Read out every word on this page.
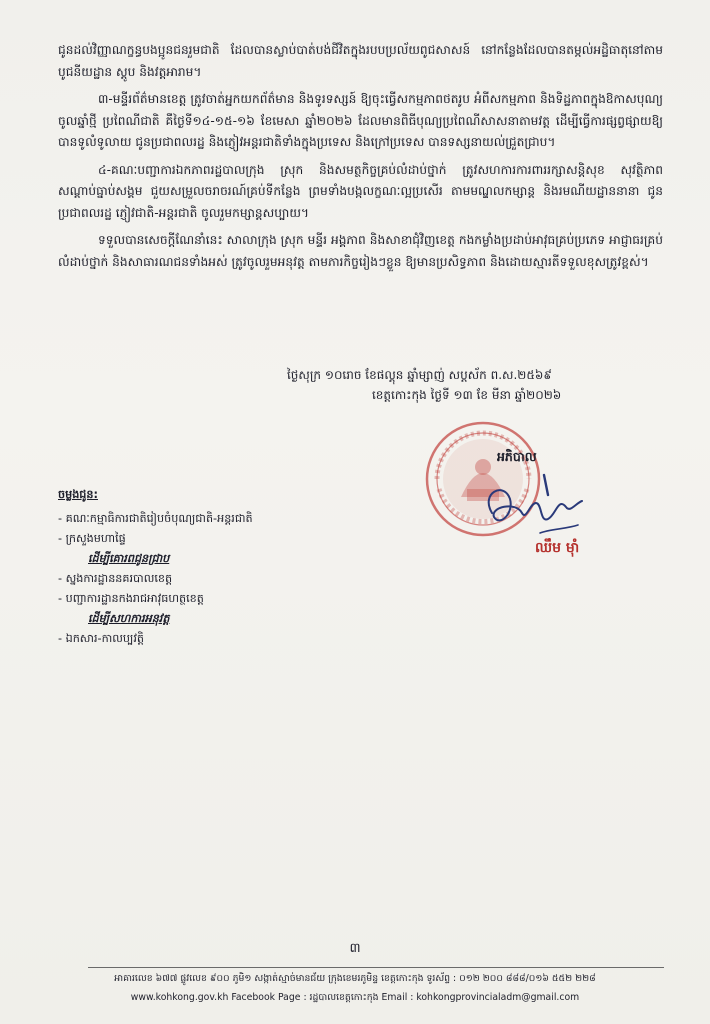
ជូនដល់វិញ្ញាណក្ខន្ធបងប្អូនជនរួមជាតិ ដែលបានស្លាប់បាត់បង់ជីវិតក្នុងរបបប្រល័យពូជសាសន៍ នៅកន្លែងដែលបានតម្កល់អដ្ឋិធាតុនៅតាមបូជនីយដ្ឋាន ស្ដូប និងវត្តអារាម។

៣-មន្ទីរព័ត៌មានខេត្ត ត្រូវចាត់អ្នកយកព័ត៌មាន និងទូរទស្សន៍ ឱ្យចុះធ្វើសកម្មភាពថតរូប អំពីសកម្មភាព និងទិដ្ឋភាពក្នុងឱកាសបុណ្យចូលឆ្នាំថ្មី ប្រពៃណីជាតិ គឺថ្ងៃទី១៤-១៥-១៦ ខែមេសា ឆ្នាំ២០២៦ ដែលមានពិធីបុណ្យប្រពៃណីសាសនាតាមវត្ត ដើម្បីធ្វើការផ្សព្វផ្សាយឱ្យបានទូលំទូលាយ ជូនប្រជាពលរដ្ឋ និងភ្ញៀវអន្តរជាតិទាំងក្នុងប្រទេស និងក្រៅប្រទេស បានទស្សនាយល់ជ្រួតជ្រាប។

៤-គណៈបញ្ជាការឯកភាពរដ្ឋបាលក្រុង ស្រុក និងសមត្ថកិច្ចគ្រប់លំដាប់ថ្នាក់ ត្រូវសហការការពាររក្សាសន្តិសុខ សុវត្ថិភាព សណ្តាប់ធ្នាប់សង្គម ជួយសម្រួលចរាចរណ៍គ្រប់ទីកន្លែង ព្រមទាំងបង្កលក្ខណៈល្អប្រសើរ តាមមណ្ឌលកម្សាន្ត និងរមណីយដ្ឋាននានា ជូនប្រជាពលរដ្ឋ ភ្ញៀវជាតិ-អន្តរជាតិ ចូលរួមកម្សាន្តសប្បាយ។

ទទួលបានសេចក្តីណែនាំនេះ សាលាក្រុង ស្រុក មន្ទីរ អង្គភាព និងសាខាជុំវិញខេត្ត កងកម្លាំងប្រដាប់អាវុធគ្រប់ប្រភេទ អាជ្ញាធរគ្រប់លំដាប់ថ្នាក់ និងសាធារណជនទាំងអស់ ត្រូវចូលរួមអនុវត្ត តាមភារកិច្ចរៀងៗខ្លួន ឱ្យមានប្រសិទ្ធភាព និងដោយស្មារតីទទួលខុសត្រូវខ្ពស់។

ថ្ងៃសុក្រ ១០រោច ខែផល្គុន ឆ្នាំម្សាញ់ សប្តស័ក ព.ស.២៥៦៩
ខេត្តកោះកុង ថ្ងៃទី ១៣ ខែ មីនា ឆ្នាំ២០២៦
អភិបាល
ឈឹម ម៉ាំ
ចម្លងជូន:
- គណៈកម្មាធិការជាតិរៀបចំបុណ្យជាតិ-អន្តរជាតិ
- ក្រសួងមហាផ្ទៃ
ដើម្បីគោរពជូនជ្រាប
- ស្នងការដ្ឋាននគរបាលខេត្ត
- បញ្ជាការដ្ឋានកងរាជអាវុធហត្ថខេត្ត
ដើម្បីសហការអនុវត្ត
- ឯកសារ-កាលប្បវត្តិ
៣
អាគារលេខ ៦៧៧ ផ្លូវលេខ ៩០០ ភូមិ១ សង្កាត់ស្មាច់មានជ័យ ក្រុងខេមរភូមិន្ទ ខេត្តកោះកុង ទូរស័ព្ទ : ០១២ ២០០ ៨៨៨/០១៦ ៥៥២ ២២៨
www.kohkong.gov.kh Facebook Page : រដ្ឋបាលខេត្តកោះកុង Email : kohkongprovincialadm@gmail.com
